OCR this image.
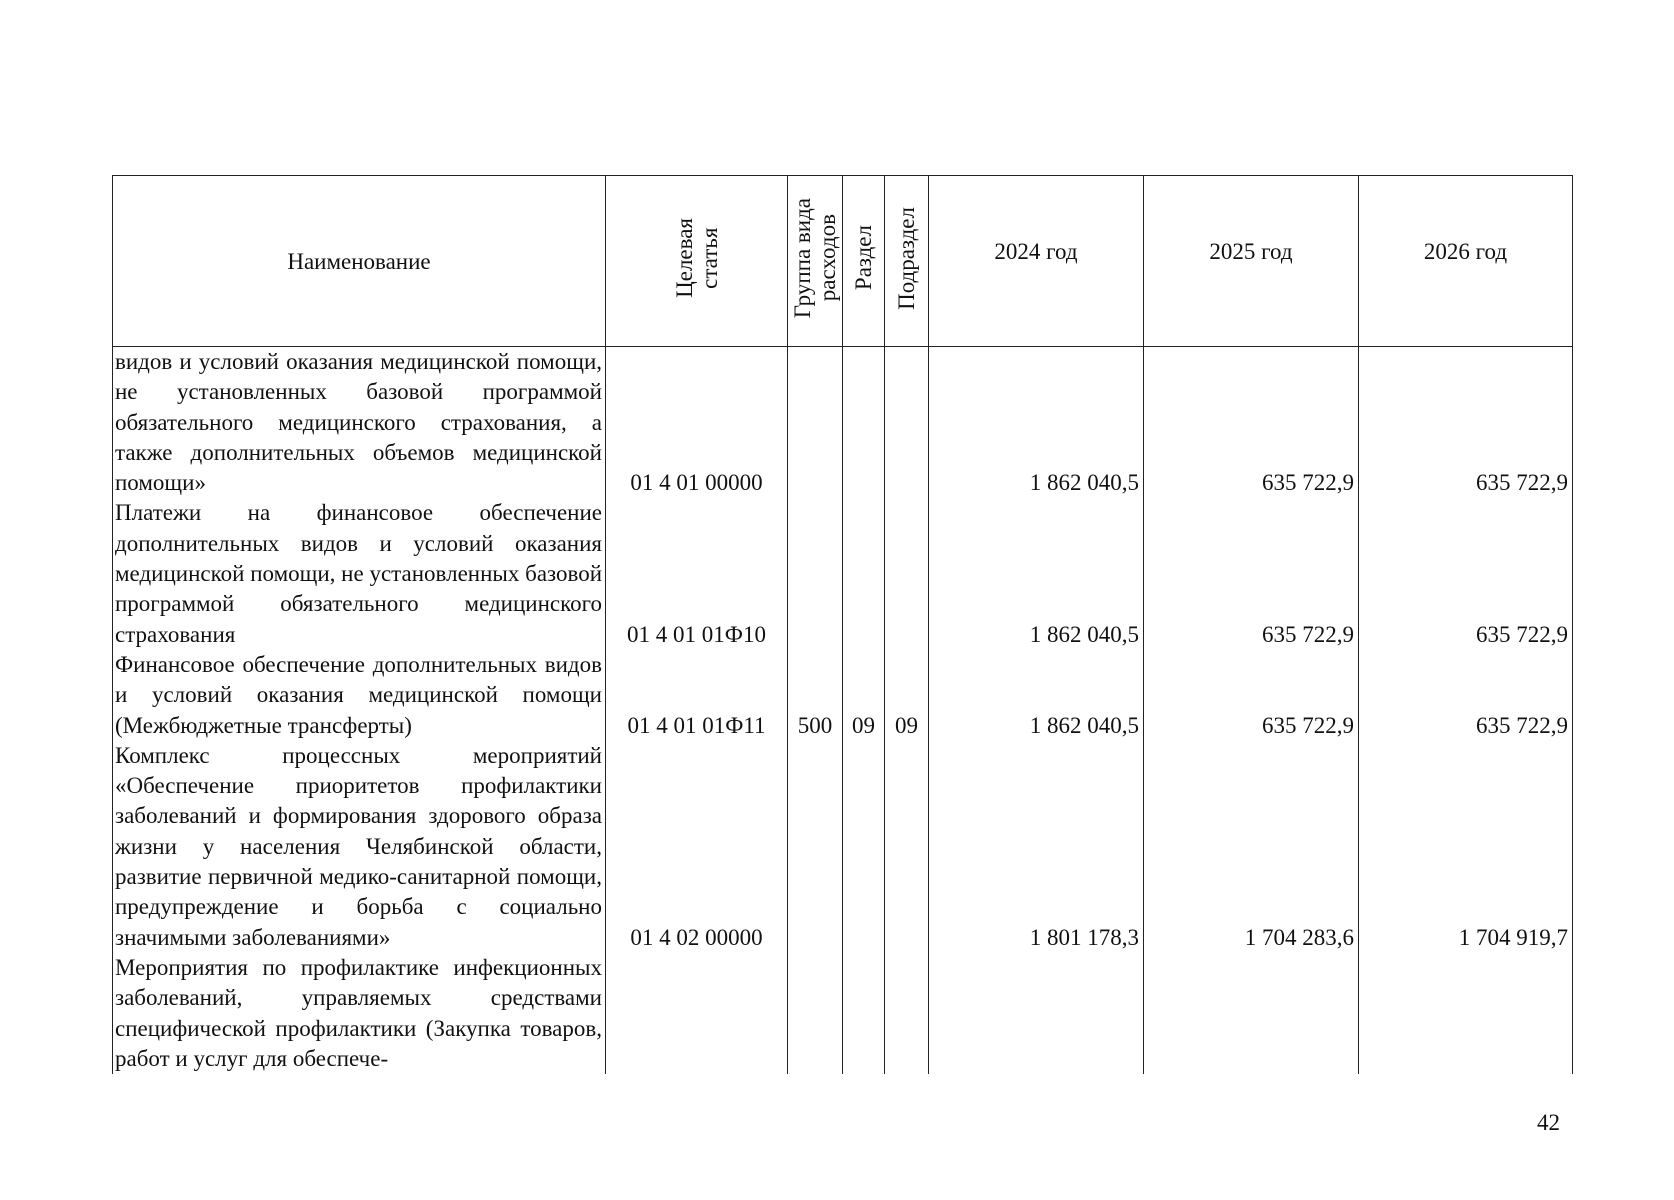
Наименование	Целевая статья	Группа вида расходов	Раздел	Подраздел	2024 год	2025 год	2026 год
видов и условий оказания медицинской помощи, не установленных базовой программой обязательного медицинского страхования, а также дополнительных объемов медицинской помощи»	01 4 01 00000				1 862 040,5	635 722,9	635 722,9
Платежи на финансовое обеспечение дополнительных видов и условий оказания медицинской помощи, не установленных базовой программой обязательного медицинского страхования	01 4 01 01Ф10				1 862 040,5	635 722,9	635 722,9
Финансовое обеспечение дополнительных видов и условий оказания медицинской помощи (Межбюджетные трансферты)	01 4 01 01Ф11	500	09	09	1 862 040,5	635 722,9	635 722,9
Комплекс процессных мероприятий «Обеспечение приоритетов профилактики заболеваний и формирования здорового образа жизни у населения Челябинской области, развитие первичной медико-санитарной помощи, предупреждение и борьба с социально значимыми заболеваниями»	01 4 02 00000				1 801 178,3	1 704 283,6	1 704 919,7
Мероприятия по профилактике инфекционных заболеваний, управляемых средствами специфической профилактики (Закупка товаров, работ и услуг для обеспече-							
42
